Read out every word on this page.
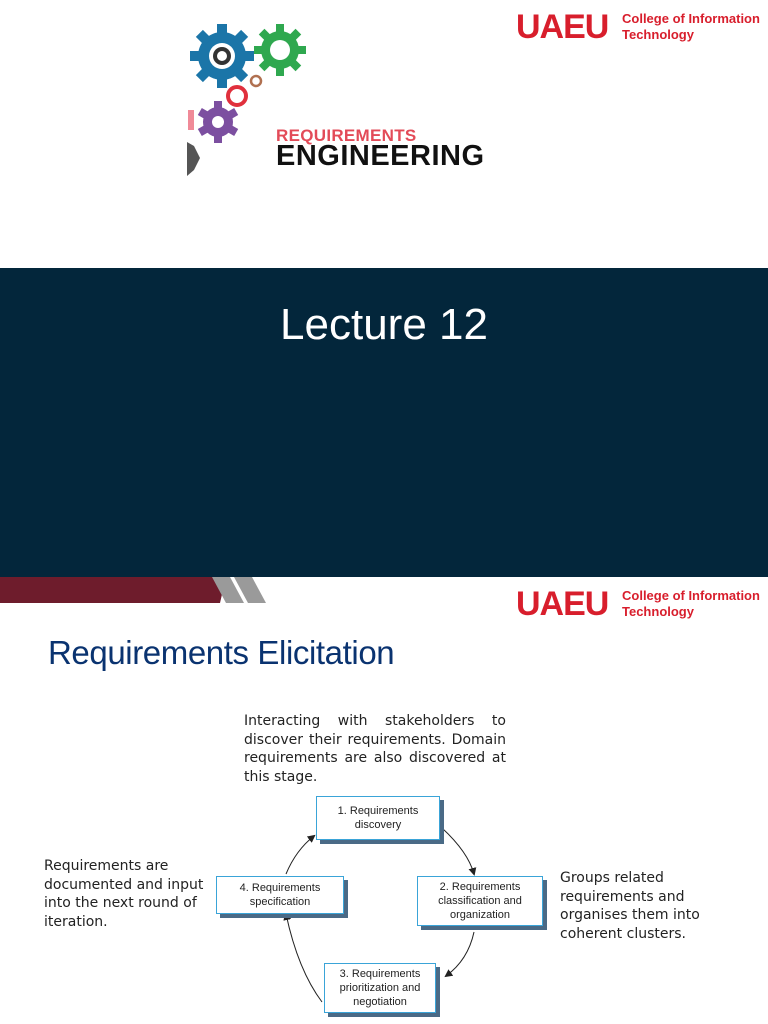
REQUIREMENTS
ENGINEERING
UAEU College of Information
Technology
Lecture 12
UAEU College of Information
Technology
Requirements Elicitation
Interacting with stakeholders to discover their requirements. Domain requirements are also discovered at this stage.
Requirements are documented and input into the next round of iteration.
Groups related requirements and organises them into coherent clusters.
1. Requirements
discovery
2. Requirements
classification and
organization
3. Requirements
prioritization and
negotiation
4. Requirements
specification
